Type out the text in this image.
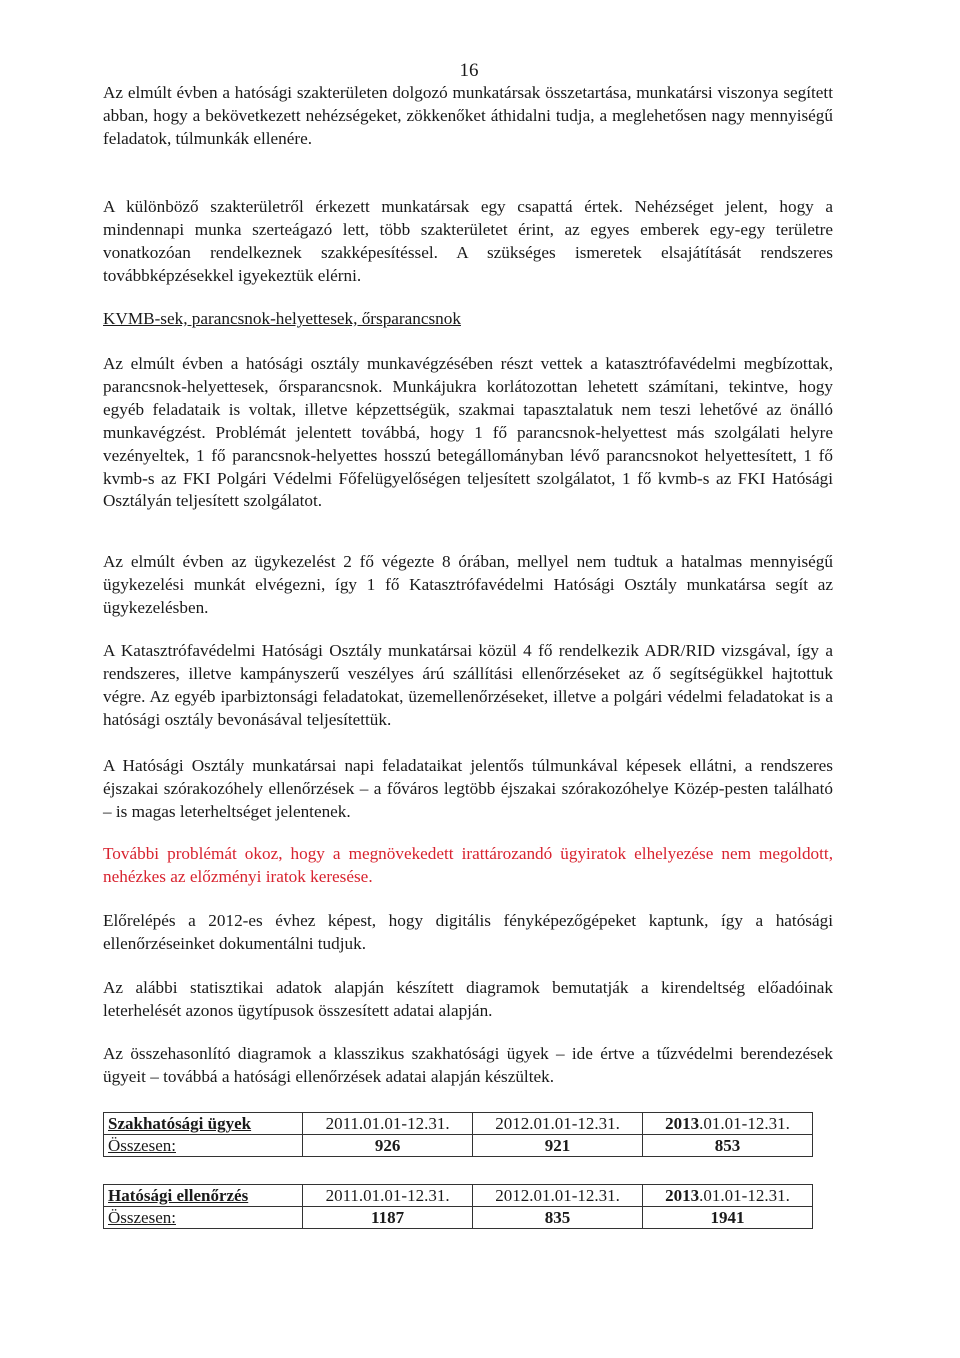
16

Az elmúlt évben a hatósági szakterületen dolgozó munkatársak összetartása, munkatársi viszonya segített abban, hogy a bekövetkezett nehézségeket, zökkenőket áthidalni tudja, a meglehetősen nagy mennyiségű feladatok, túlmunkák ellenére.

A különböző szakterületről érkezett munkatársak egy csapattá értek. Nehézséget jelent, hogy a mindennapi munka szerteágazó lett, több szakterületet érint, az egyes emberek egy-egy területre vonatkozóan rendelkeznek szakképesítéssel. A szükséges ismeretek elsajátítását rendszeres továbbképzésekkel igyekeztük elérni.

KVMB-sek, parancsnok-helyettesek, őrsparancsnok

Az elmúlt évben a hatósági osztály munkavégzésében részt vettek a katasztrófavédelmi megbízottak, parancsnok-helyettesek, őrsparancsnok. Munkájukra korlátozottan lehetett számítani, tekintve, hogy egyéb feladataik is voltak, illetve képzettségük, szakmai tapasztalatuk nem teszi lehetővé az önálló munkavégzést. Problémát jelentett továbbá, hogy 1 fő parancsnok-helyettest más szolgálati helyre vezényeltek, 1 fő parancsnok-helyettes hosszú betegállományban lévő parancsnokot helyettesített, 1 fő kvmb-s az FKI Polgári Védelmi Főfelügyelőségen teljesített szolgálatot, 1 fő kvmb-s az FKI Hatósági Osztályán teljesített szolgálatot.

Az elmúlt évben az ügykezelést 2 fő végezte 8 órában, mellyel nem tudtuk a hatalmas mennyiségű ügykezelési munkát elvégezni, így 1 fő Katasztrófavédelmi Hatósági Osztály munkatársa segít az ügykezelésben.

A Katasztrófavédelmi Hatósági Osztály munkatársai közül 4 fő rendelkezik ADR/RID vizsgával, így a rendszeres, illetve kampányszerű veszélyes árú szállítási ellenőrzéseket az ő segítségükkel hajtottuk végre. Az egyéb iparbiztonsági feladatokat, üzemellenőrzéseket, illetve a polgári védelmi feladatokat is a hatósági osztály bevonásával teljesítettük.

A Hatósági Osztály munkatársai napi feladataikat jelentős túlmunkával képesek ellátni, a rendszeres éjszakai szórakozóhely ellenőrzések – a főváros legtöbb éjszakai szórakozóhelye Közép-pesten található – is magas leterheltséget jelentenek.

További problémát okoz, hogy a megnövekedett irattározandó ügyiratok elhelyezése nem megoldott, nehézkes az előzményi iratok keresése.

Előrelépés a 2012-es évhez képest, hogy digitális fényképezőgépeket kaptunk, így a hatósági ellenőrzéseinket dokumentálni tudjuk.

Az alábbi statisztikai adatok alapján készített diagramok bemutatják a kirendeltség előadóinak leterhelését azonos ügytípusok összesített adatai alapján.

Az összehasonlító diagramok a klasszikus szakhatósági ügyek – ide értve a tűzvédelmi berendezések ügyeit – továbbá a hatósági ellenőrzések adatai alapján készültek.

Szakhatósági ügyek	2011.01.01-12.31.	2012.01.01-12.31.	2013.01.01-12.31.
Összesen:	926	921	853
Hatósági ellenőrzés	2011.01.01-12.31.	2012.01.01-12.31.	2013.01.01-12.31.
Összesen:	1187	835	1941
